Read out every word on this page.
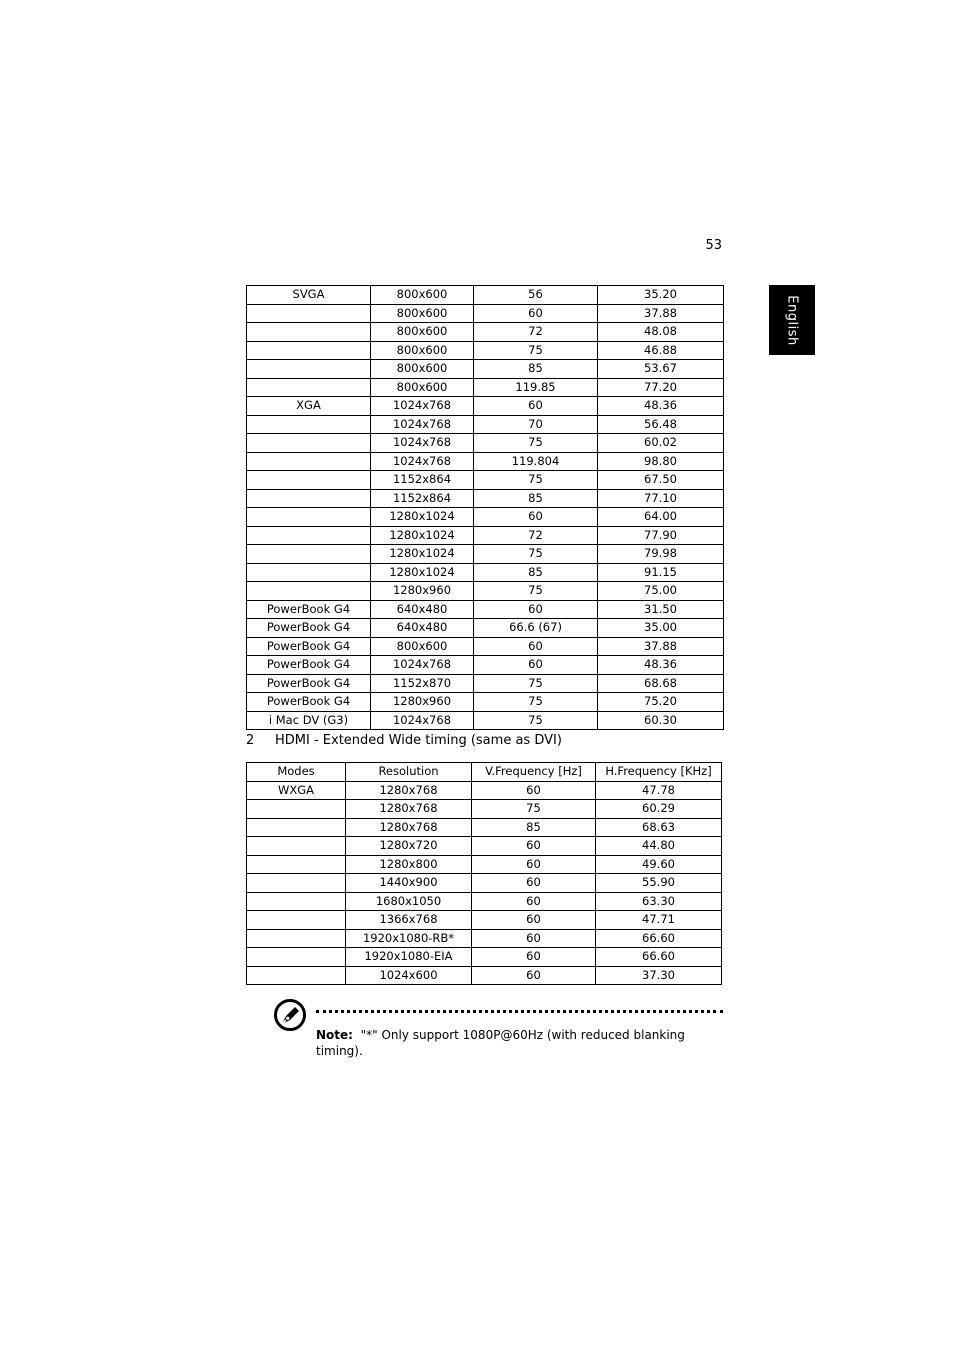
53
English
SVGA	800x600	56	35.20
	800x600	60	37.88
	800x600	72	48.08
	800x600	75	46.88
	800x600	85	53.67
	800x600	119.85	77.20
XGA	1024x768	60	48.36
	1024x768	70	56.48
	1024x768	75	60.02
	1024x768	119.804	98.80
	1152x864	75	67.50
	1152x864	85	77.10
	1280x1024	60	64.00
	1280x1024	72	77.90
	1280x1024	75	79.98
	1280x1024	85	91.15
	1280x960	75	75.00
PowerBook G4	640x480	60	31.50
PowerBook G4	640x480	66.6 (67)	35.00
PowerBook G4	800x600	60	37.88
PowerBook G4	1024x768	60	48.36
PowerBook G4	1152x870	75	68.68
PowerBook G4	1280x960	75	75.20
i Mac DV (G3)	1024x768	75	60.30
2 HDMI - Extended Wide timing (same as DVI)
Modes	Resolution	V.Frequency [Hz]	H.Frequency [KHz]
WXGA	1280x768	60	47.78
	1280x768	75	60.29
	1280x768	85	68.63
	1280x720	60	44.80
	1280x800	60	49.60
	1440x900	60	55.90
	1680x1050	60	63.30
	1366x768	60	47.71
	1920x1080-RB*	60	66.60
	1920x1080-EIA	60	66.60
	1024x600	60	37.30
Note: "*" Only support 1080P@60Hz (with reduced blanking timing).
